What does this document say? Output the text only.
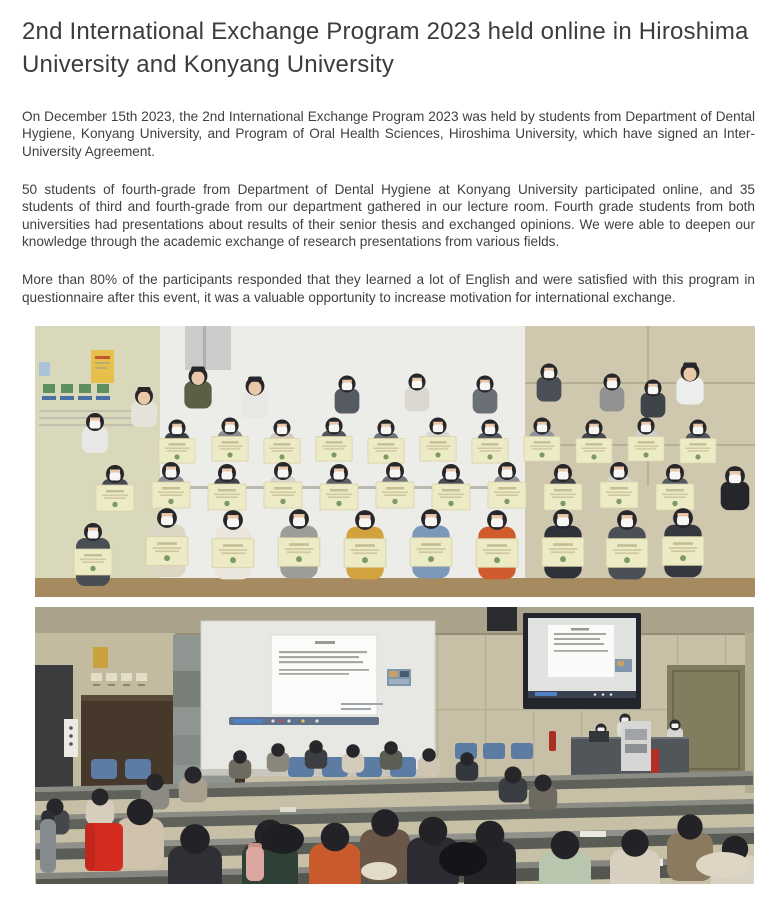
2nd International Exchange Program 2023 held online in Hiroshima University and Konyang University

On December 15th 2023, the 2nd International Exchange Program 2023 was held by students from Department of Dental Hygiene, Konyang University, and Program of Oral Health Sciences, Hiroshima University, which have signed an Inter-University Agreement.

50 students of fourth-grade from Department of Dental Hygiene at Konyang University participated online, and 35 students of third and fourth-grade from our department gathered in our lecture room. Fourth grade students from both universities had presentations about results of their senior thesis and exchanged opinions. We were able to deepen our knowledge through the academic exchange of research presentations from various fields.

More than 80% of the participants responded that they learned a lot of English and were satisfied with this program in questionnaire after this event, it was a valuable opportunity to increase motivation for international exchange.
